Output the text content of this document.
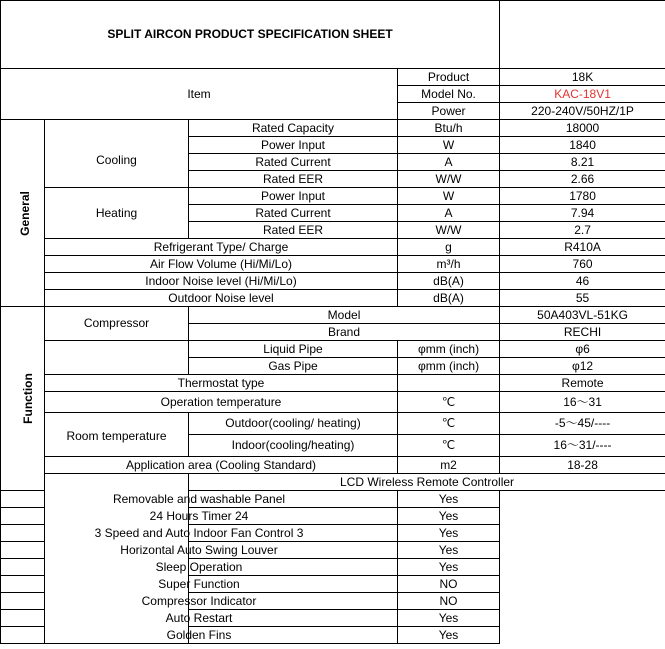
SPLIT AIRCON PRODUCT SPECIFICATION SHEET					
Item			Product	18K	
			Model No.	KAC-18V1	
			Power	220-240V/50HZ/1P	
General	Cooling	Rated Capacity	Btu/h	18000	
		Power Input	W	1840	
		Rated Current	A	8.21	
		Rated EER	W/W	2.66	
	Heating	Power Input	W	1780	
		Rated Current	A	7.94	
		Rated EER	W/W	2.7	
	Refrigerant Type/ Charge		g	R410A	
	Air Flow Volume (Hi/Mi/Lo)		m³/h	760	
	Indoor Noise level (Hi/Mi/Lo)		dB(A)	46	
	Outdoor Noise level		dB(A)	55	
Function	Compressor	Model		50A403VL-51KG	
		Brand		RECHI	
		Liquid Pipe	φmm (inch)	φ6	
		Gas Pipe	φmm (inch)	φ12	
	Thermostat type			Remote	
	Operation temperature		℃	16～31	
	Room temperature	Outdoor(cooling/ heating)	℃	-5～45/----	
		Indoor(cooling/heating)	℃	16～31/----	
	Application area (Cooling Standard)		m2	18-28	
		LCD Wireless Remote Controller	
Removable and washable Panel			Yes		
24 Hours Timer 24			Yes		
3 Speed and Auto Indoor Fan Control 3			Yes		
Horizontal Auto Swing Louver			Yes		
Sleep Operation			Yes		
Super Function			NO		
Compressor Indicator			NO		
Auto Restart			Yes		
Golden Fins			Yes		
